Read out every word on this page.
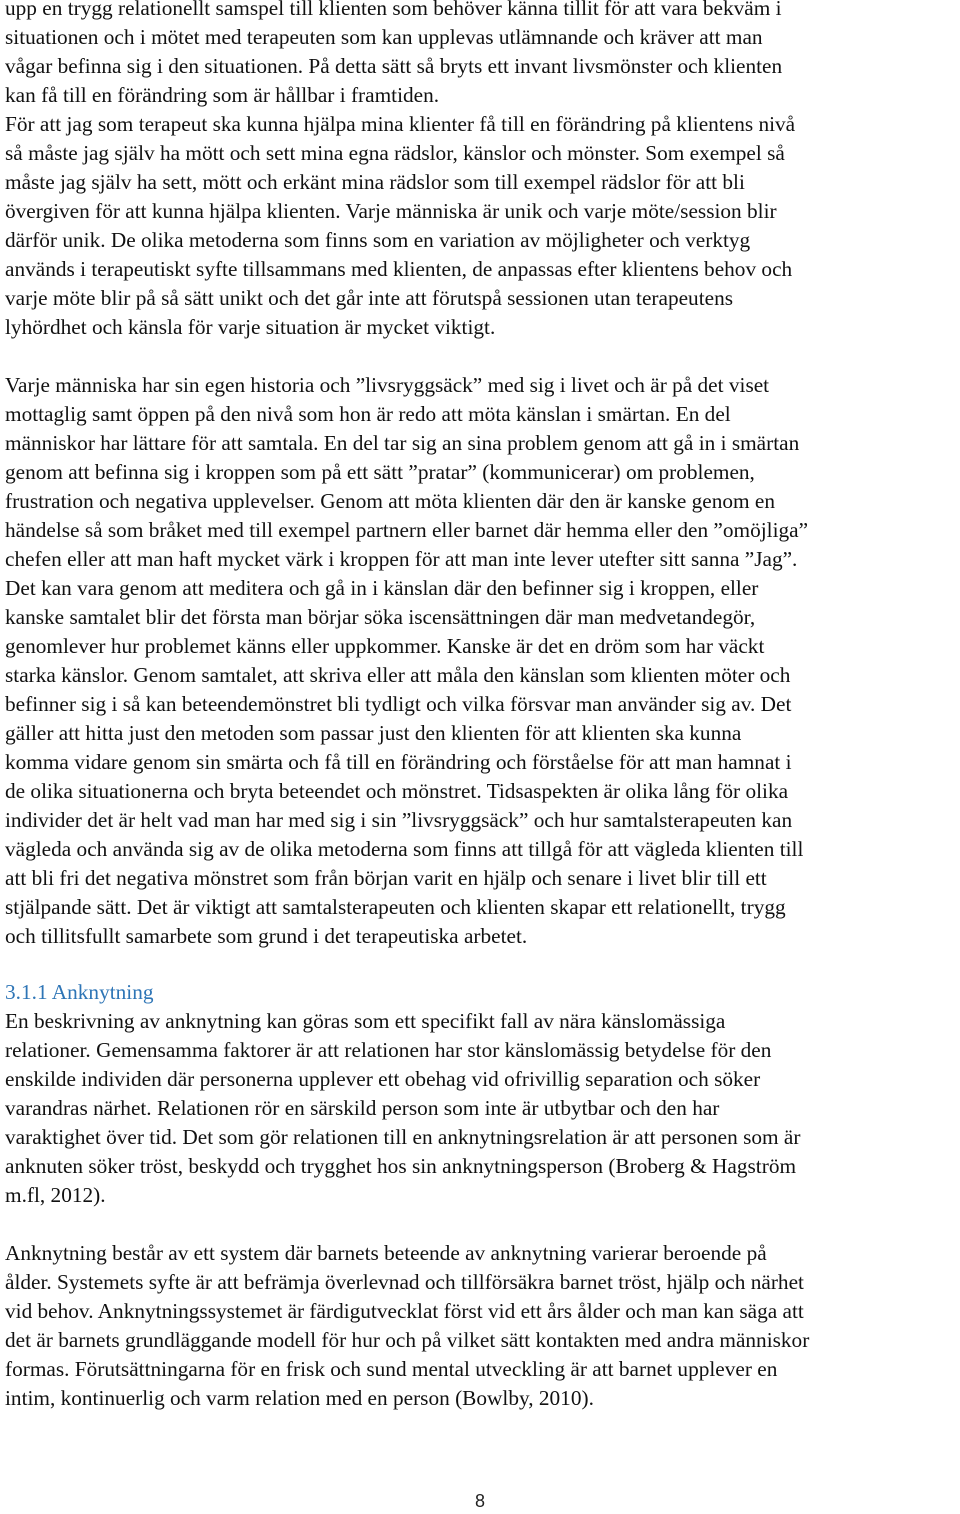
upp en trygg relationellt samspel till klienten som behöver känna tillit för att vara bekväm i
situationen och i mötet med terapeuten som kan upplevas utlämnande och kräver att man
vågar befinna sig i den situationen. På detta sätt så bryts ett invant livsmönster och klienten
kan få till en förändring som är hållbar i framtiden.
För att jag som terapeut ska kunna hjälpa mina klienter få till en förändring på klientens nivå
så måste jag själv ha mött och sett mina egna rädslor, känslor och mönster. Som exempel så
måste jag själv ha sett, mött och erkänt mina rädslor som till exempel rädslor för att bli
övergiven för att kunna hjälpa klienten. Varje människa är unik och varje möte/session blir
därför unik. De olika metoderna som finns som en variation av möjligheter och verktyg
används i terapeutiskt syfte tillsammans med klienten, de anpassas efter klientens behov och
varje möte blir på så sätt unikt och det går inte att förutspå sessionen utan terapeutens
lyhördhet och känsla för varje situation är mycket viktigt.
Varje människa har sin egen historia och ”livsryggsäck” med sig i livet och är på det viset
mottaglig samt öppen på den nivå som hon är redo att möta känslan i smärtan. En del
människor har lättare för att samtala. En del tar sig an sina problem genom att gå in i smärtan
genom att befinna sig i kroppen som på ett sätt ”pratar” (kommunicerar) om problemen,
frustration och negativa upplevelser. Genom att möta klienten där den är kanske genom en
händelse så som bråket med till exempel partnern eller barnet där hemma eller den ”omöjliga”
chefen eller att man haft mycket värk i kroppen för att man inte lever utefter sitt sanna ”Jag”.
Det kan vara genom att meditera och gå in i känslan där den befinner sig i kroppen, eller
kanske samtalet blir det första man börjar söka iscensättningen där man medvetandegör,
genomlever hur problemet känns eller uppkommer. Kanske är det en dröm som har väckt
starka känslor. Genom samtalet, att skriva eller att måla den känslan som klienten möter och
befinner sig i så kan beteendemönstret bli tydligt och vilka försvar man använder sig av. Det
gäller att hitta just den metoden som passar just den klienten för att klienten ska kunna
komma vidare genom sin smärta och få till en förändring och förståelse för att man hamnat i
de olika situationerna och bryta beteendet och mönstret. Tidsaspekten är olika lång för olika
individer det är helt vad man har med sig i sin ”livsryggsäck” och hur samtalsterapeuten kan
vägleda och använda sig av de olika metoderna som finns att tillgå för att vägleda klienten till
att bli fri det negativa mönstret som från början varit en hjälp och senare i livet blir till ett
stjälpande sätt. Det är viktigt att samtalsterapeuten och klienten skapar ett relationellt, trygg
och tillitsfullt samarbete som grund i det terapeutiska arbetet.
3.1.1 Anknytning
En beskrivning av anknytning kan göras som ett specifikt fall av nära känslomässiga
relationer. Gemensamma faktorer är att relationen har stor känslomässig betydelse för den
enskilde individen där personerna upplever ett obehag vid ofrivillig separation och söker
varandras närhet. Relationen rör en särskild person som inte är utbytbar och den har
varaktighet över tid. Det som gör relationen till en anknytningsrelation är att personen som är
anknuten söker tröst, beskydd och trygghet hos sin anknytningsperson (Broberg & Hagström
m.fl, 2012).
Anknytning består av ett system där barnets beteende av anknytning varierar beroende på
ålder. Systemets syfte är att befrämja överlevnad och tillförsäkra barnet tröst, hjälp och närhet
vid behov. Anknytningssystemet är färdigutvecklat först vid ett års ålder och man kan säga att
det är barnets grundläggande modell för hur och på vilket sätt kontakten med andra människor
formas. Förutsättningarna för en frisk och sund mental utveckling är att barnet upplever en
intim, kontinuerlig och varm relation med en person (Bowlby, 2010).
8
